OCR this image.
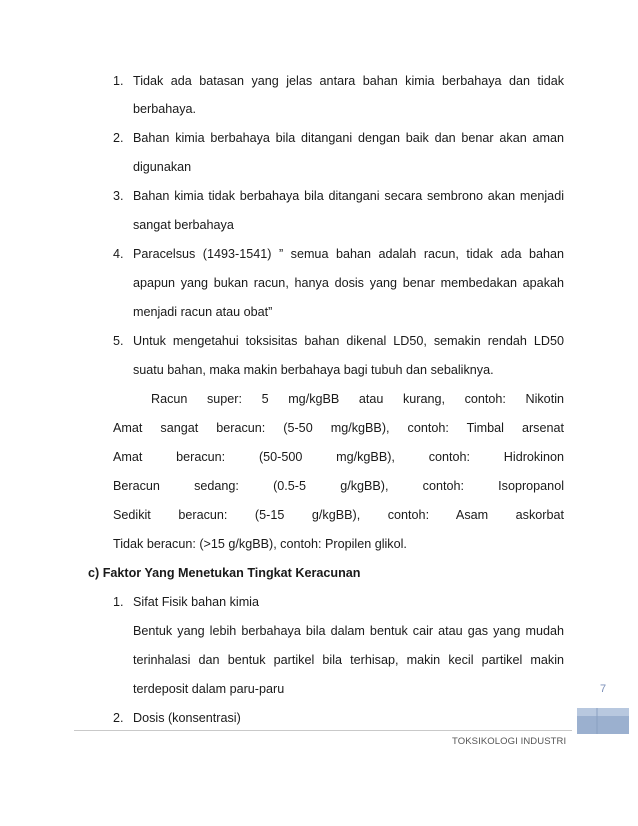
1. Tidak ada batasan yang jelas antara bahan kimia berbahaya dan tidak
berbahaya.
2. Bahan kimia berbahaya bila ditangani dengan baik dan benar akan aman
digunakan
3. Bahan kimia tidak berbahaya bila ditangani secara sembrono akan menjadi
sangat berbahaya
4. Paracelsus (1493-1541) ” semua bahan adalah racun, tidak ada bahan
apapun yang bukan racun, hanya dosis yang benar membedakan apakah
menjadi racun atau obat”
5. Untuk mengetahui toksisitas bahan dikenal LD50, semakin rendah LD50
suatu bahan, maka makin berbahaya bagi tubuh dan sebaliknya.
Racun super: 5 mg/kgBB atau kurang, contoh: Nikotin
Amat sangat beracun: (5-50 mg/kgBB), contoh: Timbal arsenat
Amat beracun: (50-500 mg/kgBB), contoh: Hidrokinon
Beracun sedang: (0.5-5 g/kgBB), contoh: Isopropanol
Sedikit beracun: (5-15 g/kgBB), contoh: Asam askorbat
Tidak beracun: (>15 g/kgBB), contoh: Propilen glikol.
c) Faktor Yang Menetukan Tingkat Keracunan
1. Sifat Fisik bahan kimia
Bentuk yang lebih berbahaya bila dalam bentuk cair atau gas yang mudah
terinhalasi dan bentuk partikel bila terhisap, makin kecil partikel makin
terdeposit dalam paru-paru
2. Dosis (konsentrasi)
7
TOKSIKOLOGI INDUSTRI
